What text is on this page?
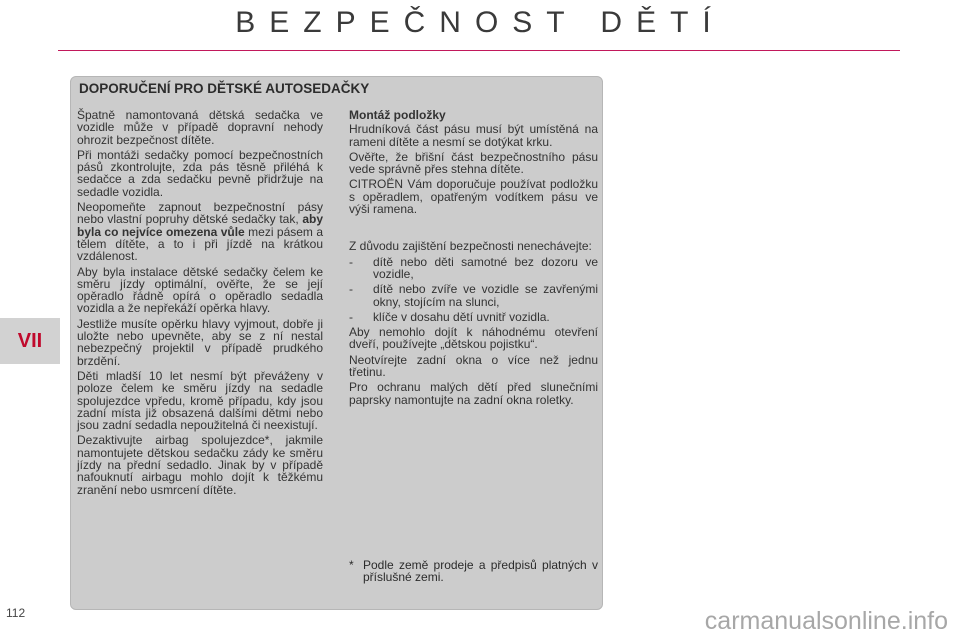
BEZPEČNOST DĚTÍ
VII
DOPORUČENÍ PRO DĚTSKÉ AUTOSEDAČKY

Špatně namontovaná dětská sedačka ve vozidle může v případě dopravní nehody ohrozit bezpečnost dítěte.

Při montáži sedačky pomocí bezpečnostních pásů zkontrolujte, zda pás těsně přiléhá k sedačce a zda sedačku pevně přidržuje na sedadle vozidla.

Neopomeňte zapnout bezpečnostní pásy nebo vlastní popruhy dětské sedačky tak, aby byla co nejvíce omezena vůle mezi pásem a tělem dítěte, a to i při jízdě na krátkou vzdálenost.

Aby byla instalace dětské sedačky čelem ke směru jízdy optimální, ověřte, že se její opěradlo řádně opírá o opěradlo sedadla vozidla a že nepřekáží opěrka hlavy.

Jestliže musíte opěrku hlavy vyjmout, dobře ji uložte nebo upevněte, aby se z ní nestal nebezpečný projektil v případě prudkého brzdění.

Děti mladší 10 let nesmí být převáženy v poloze čelem ke směru jízdy na sedadle spolujezdce vpředu, kromě případu, kdy jsou zadní místa již obsazená dalšími dětmi nebo jsou zadní sedadla nepoužitelná či neexistují.

Dezaktivujte airbag spolujezdce*, jakmile namontujete dětskou sedačku zády ke směru jízdy na přední sedadlo. Jinak by v případě nafouknutí airbagu mohlo dojít k těžkému zranění nebo usmrcení dítěte.

Montáž podložky

Hrudníková část pásu musí být umístěná na rameni dítěte a nesmí se dotýkat krku.

Ověřte, že břišní část bezpečnostního pásu vede správně přes stehna dítěte.

CITROËN Vám doporučuje používat podložku s opěradlem, opatřeným vodítkem pásu ve výši ramena.

Z důvodu zajištění bezpečnosti nenechávejte:

-	dítě nebo děti samotné bez dozoru ve vozidle,
-	dítě nebo zvíře ve vozidle se zavřenými okny, stojícím na slunci,
-	klíče v dosahu dětí uvnitř vozidla.

Aby nemohlo dojít k náhodnému otevření dveří, používejte „dětskou pojistku“.

Neotvírejte zadní okna o více než jednu třetinu.

Pro ochranu malých dětí před slunečními paprsky namontujte na zadní okna roletky.

* Podle země prodeje a předpisů platných v příslušné zemi.
112	carmanualsonline.info
